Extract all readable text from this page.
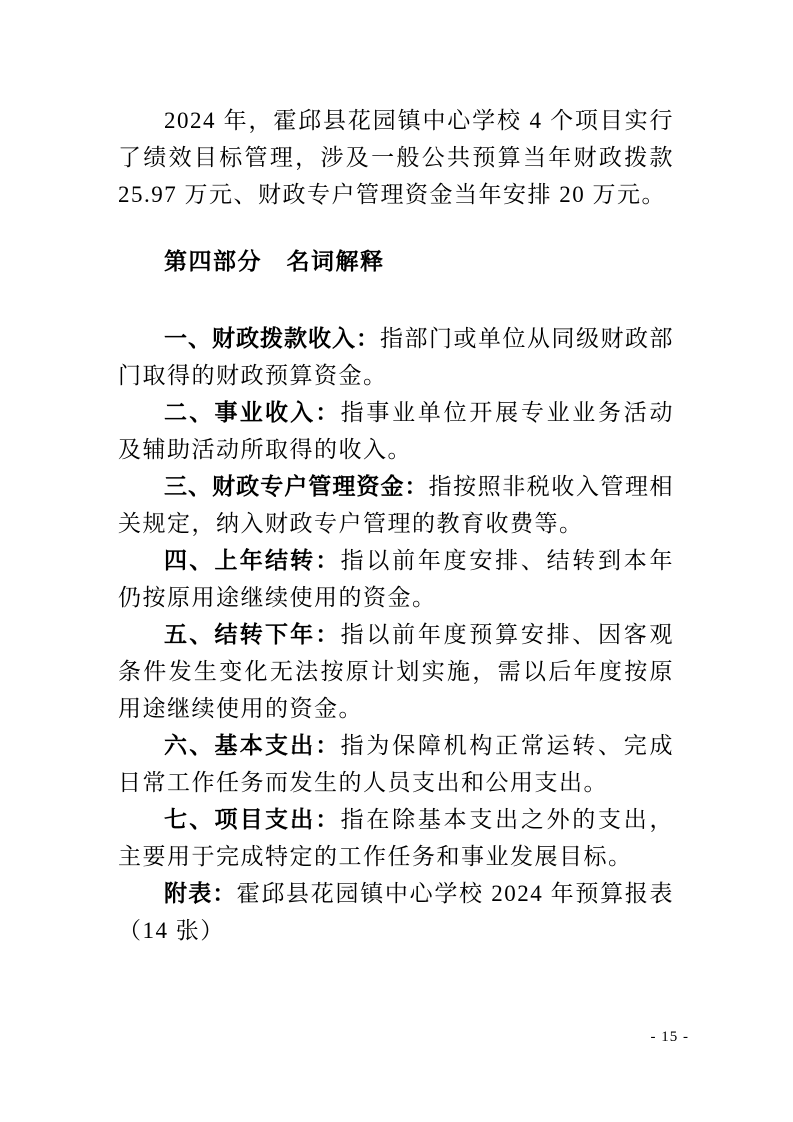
2024 年，霍邱县花园镇中心学校 4 个项目实行了绩效目标管理，涉及一般公共预算当年财政拨款 25.97 万元、财政专户管理资金当年安排 20 万元。

第四部分　名词解释

一、财政拨款收入：指部门或单位从同级财政部门取得的财政预算资金。

二、事业收入：指事业单位开展专业业务活动及辅助活动所取得的收入。

三、财政专户管理资金：指按照非税收入管理相关规定，纳入财政专户管理的教育收费等。

四、上年结转：指以前年度安排、结转到本年仍按原用途继续使用的资金。

五、结转下年：指以前年度预算安排、因客观条件发生变化无法按原计划实施，需以后年度按原用途继续使用的资金。

六、基本支出：指为保障机构正常运转、完成日常工作任务而发生的人员支出和公用支出。

七、项目支出：指在除基本支出之外的支出，主要用于完成特定的工作任务和事业发展目标。

附表：霍邱县花园镇中心学校 2024 年预算报表（14 张）

- 15 -
